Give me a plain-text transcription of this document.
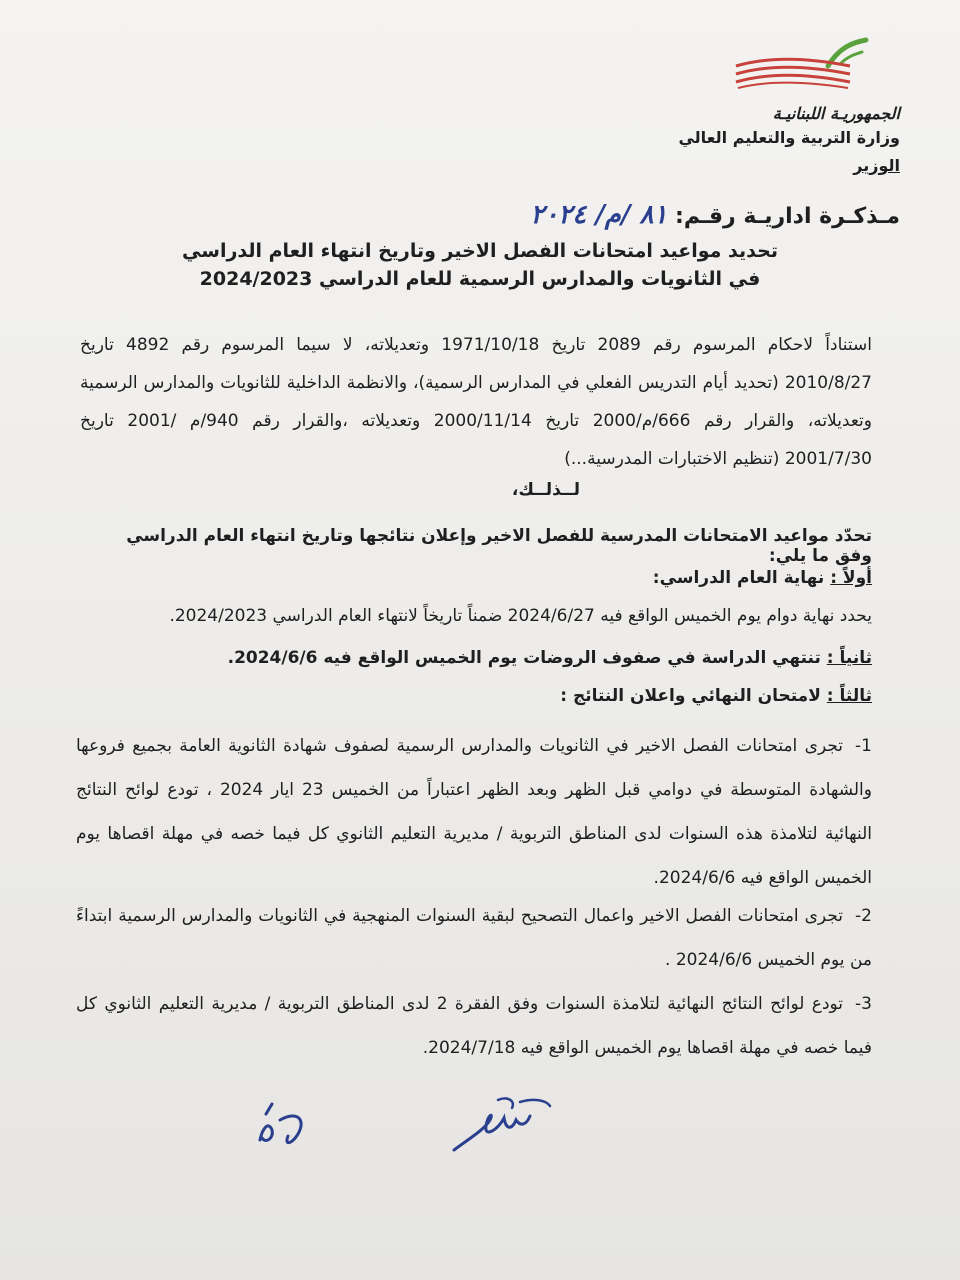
الجمهوريـة اللبنانيـة
وزارة التربية والتعليم العالي
الوزير
مـذكـرة اداريـة رقـم: ٨١ /م/ ٢٠٢٤
تحديد مواعيد امتحانات الفصل الاخير وتاريخ انتهاء العام الدراسي
في الثانويات والمدارس الرسمية للعام الدراسي 2024/2023
استناداً لاحكام المرسوم رقم 2089 تاريخ 1971/10/18 وتعديلاته، لا سيما المرسوم رقم 4892 تاريخ 2010/8/27 (تحديد أيام التدريس الفعلي في المدارس الرسمية)، والانظمة الداخلية للثانويات والمدارس الرسمية وتعديلاته، والقرار رقم 666/م/2000 تاريخ 2000/11/14 وتعديلاته ،والقرار رقم 940/م /2001 تاريخ 2001/7/30 (تنظيم الاختبارات المدرسية...)
لــذلــك،
تحدّد مواعيد الامتحانات المدرسية للفصل الاخير وإعلان نتائجها وتاريخ انتهاء العام الدراسي وفق ما يلي:
أولاً : نهاية العام الدراسي:
يحدد نهاية دوام يوم الخميس الواقع فيه 2024/6/27 ضمناً تاريخاً لانتهاء العام الدراسي 2024/2023.
ثانياً : تنتهي الدراسة في صفوف الروضات يوم الخميس الواقع فيه 2024/6/6.
ثالثاً : لامتحان النهائي واعلان النتائج :
1-تجرى امتحانات الفصل الاخير في الثانويات والمدارس الرسمية لصفوف شهادة الثانوية العامة بجميع فروعها والشهادة المتوسطة في دوامي قبل الظهر وبعد الظهر اعتباراً من الخميس 23 ايار 2024 ، تودع لوائح النتائج النهائية لتلامذة هذه السنوات لدى المناطق التربوية / مديرية التعليم الثانوي كل فيما خصه في مهلة اقصاها يوم الخميس الواقع فيه 2024/6/6.
2-تجرى امتحانات الفصل الاخير واعمال التصحيح لبقية السنوات المنهجية في الثانويات والمدارس الرسمية ابتداءً من يوم الخميس 2024/6/6 .
3-تودع لوائح النتائج النهائية لتلامذة السنوات وفق الفقرة 2 لدى المناطق التربوية / مديرية التعليم الثانوي كل فيما خصه في مهلة اقصاها يوم الخميس الواقع فيه 2024/7/18.
